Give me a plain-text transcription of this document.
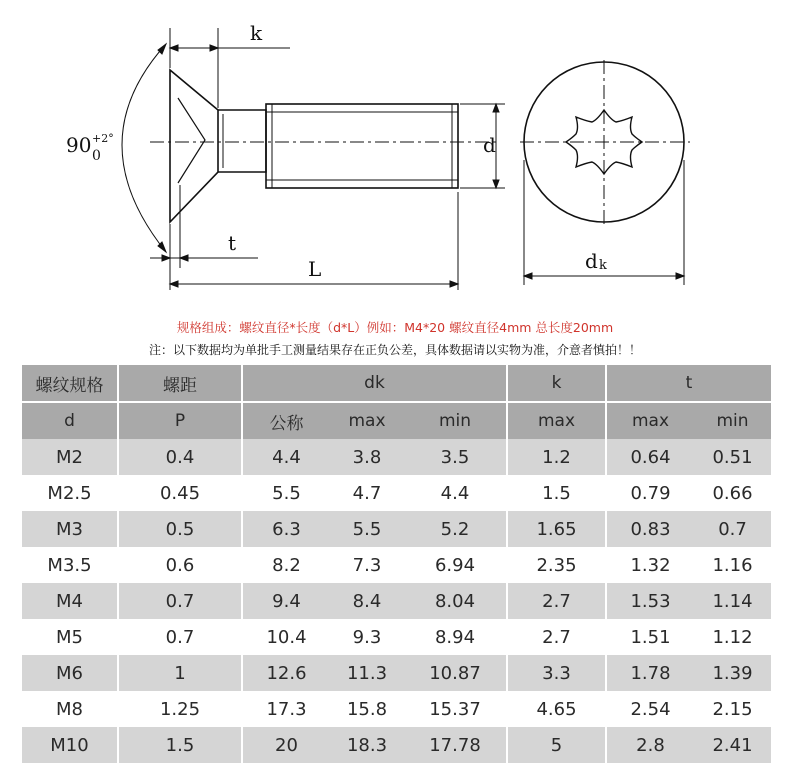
k
90 +2°
0	d
t
L	d k
规格组成：螺纹直径*长度（d*L）例如：M4*20 螺纹直径4mm 总长度20mm
注：以下数据均为单批手工测量结果存在正负公差，具体数据请以实物为准，介意者慎拍！！
螺纹规格	螺距	dk			k	t	
d	P	公称	max	min	max	max	min
M2	0.4	4.4	3.8	3.5	1.2	0.64	0.51
M2.5	0.45	5.5	4.7	4.4	1.5	0.79	0.66
M3	0.5	6.3	5.5	5.2	1.65	0.83	0.7
M3.5	0.6	8.2	7.3	6.94	2.35	1.32	1.16
M4	0.7	9.4	8.4	8.04	2.7	1.53	1.14
M5	0.7	10.4	9.3	8.94	2.7	1.51	1.12
M6	1	12.6	11.3	10.87	3.3	1.78	1.39
M8	1.25	17.3	15.8	15.37	4.65	2.54	2.15
M10	1.5	20	18.3	17.78	5	2.8	2.41
